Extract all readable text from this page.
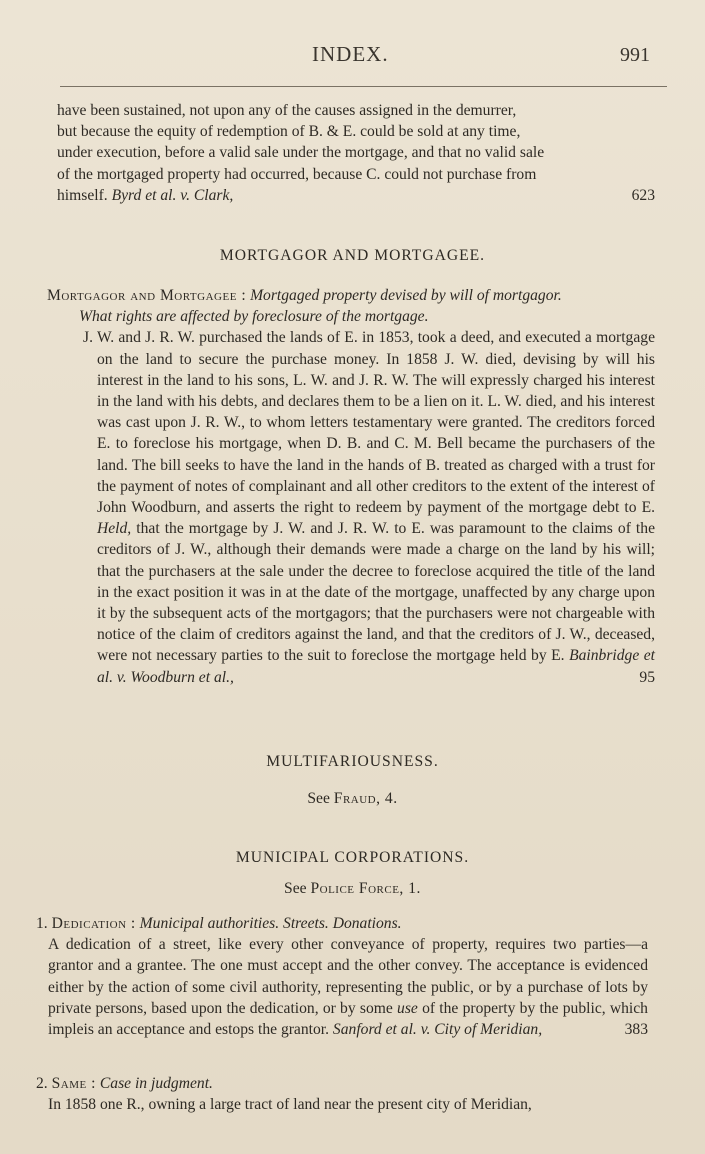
INDEX.	991
have been sustained, not upon any of the causes assigned in the demurrer,
but because the equity of redemption of B. & E. could be sold at any time,
under execution, before a valid sale under the mortgage, and that no valid sale
of the mortgaged property had occurred, because C. could not purchase from
himself. Byrd et al. v. Clark,	623
MORTGAGOR AND MORTGAGEE.
Mortgagor and Mortgagee : Mortgaged property devised by will of mortgagor.
What rights are affected by foreclosure of the mortgage.
J. W. and J. R. W. purchased the lands of E. in 1853, took a deed, and executed a mortgage on the land to secure the purchase money. In 1858 J. W. died, devising by will his interest in the land to his sons, L. W. and J. R. W. The will expressly charged his interest in the land with his debts, and declares them to be a lien on it. L. W. died, and his interest was cast upon J. R. W., to whom letters testamentary were granted. The creditors forced E. to foreclose his mortgage, when D. B. and C. M. Bell became the purchasers of the land. The bill seeks to have the land in the hands of B. treated as charged with a trust for the payment of notes of complainant and all other creditors to the extent of the interest of John Woodburn, and asserts the right to redeem by payment of the mortgage debt to E. Held, that the mortgage by J. W. and J. R. W. to E. was paramount to the claims of the creditors of J. W., although their demands were made a charge on the land by his will; that the purchasers at the sale under the decree to foreclose acquired the title of the land in the exact position it was in at the date of the mortgage, unaffected by any charge upon it by the subsequent acts of the mortgagors; that the purchasers were not chargeable with notice of the claim of creditors against the land, and that the creditors of J. W., deceased, were not necessary parties to the suit to foreclose the mortgage held by E. Bainbridge et al. v. Woodburn et al.,	95
MULTIFARIOUSNESS.
See Fraud, 4.
MUNICIPAL CORPORATIONS.
See Police Force, 1.
1. Dedication : Municipal authorities. Streets. Donations.
A dedication of a street, like every other conveyance of property, requires two parties—a grantor and a grantee. The one must accept and the other convey. The acceptance is evidenced either by the action of some civil authority, representing the public, or by a purchase of lots by private persons, based upon the dedication, or by some use of the property by the public, which impleis an acceptance and estops the grantor. Sanford et al. v. City of Meridian,	383
2. Same : Case in judgment.
In 1858 one R., owning a large tract of land near the present city of Meridian,
